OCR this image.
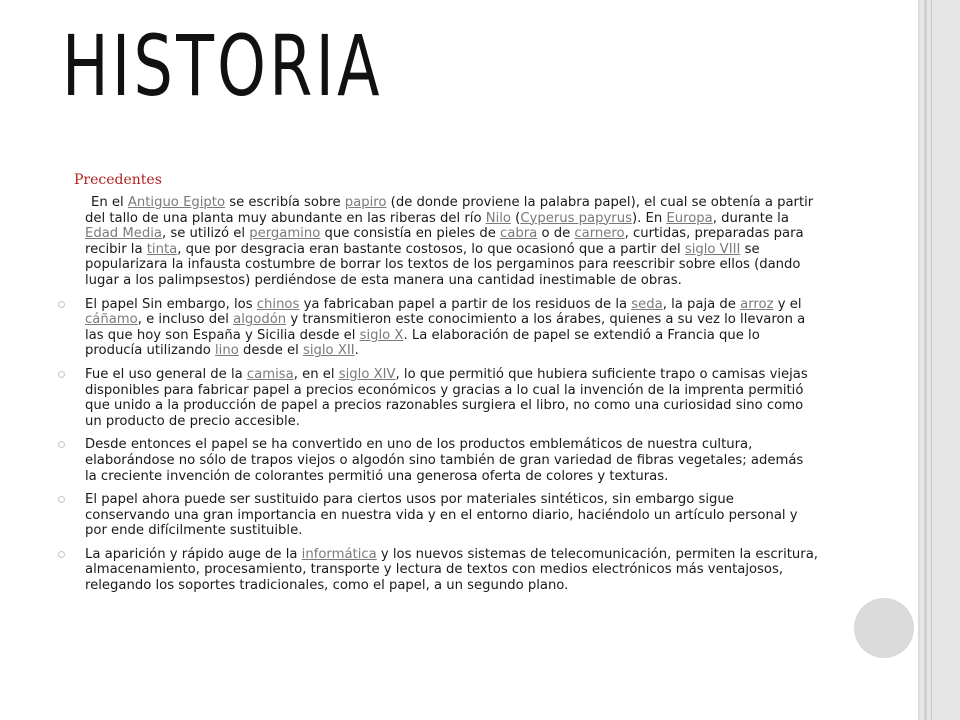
HISTORIA
Precedentes

En el Antiguo Egipto se escribía sobre papiro (de donde proviene la palabra papel), el cual se obtenía a partir del tallo de una planta muy abundante en las riberas del río Nilo (Cyperus papyrus). En Europa, durante la Edad Media, se utilizó el pergamino que consistía en pieles de cabra o de carnero, curtidas, preparadas para recibir la tinta, que por desgracia eran bastante costosos, lo que ocasionó que a partir del siglo VIII se popularizara la infausta costumbre de borrar los textos de los pergaminos para reescribir sobre ellos (dando lugar a los palimpsestos) perdiéndose de esta manera una cantidad inestimable de obras.

El papel Sin embargo, los chinos ya fabricaban papel a partir de los residuos de la seda, la paja de arroz y el cáñamo, e incluso del algodón y transmitieron este conocimiento a los árabes, quienes a su vez lo llevaron a las que hoy son España y Sicilia desde el siglo X. La elaboración de papel se extendió a Francia que lo producía utilizando lino desde el siglo XII.
Fue el uso general de la camisa, en el siglo XIV, lo que permitió que hubiera suficiente trapo o camisas viejas disponibles para fabricar papel a precios económicos y gracias a lo cual la invención de la imprenta permitió que unido a la producción de papel a precios razonables surgiera el libro, no como una curiosidad sino como un producto de precio accesible.
Desde entonces el papel se ha convertido en uno de los productos emblemáticos de nuestra cultura, elaborándose no sólo de trapos viejos o algodón sino también de gran variedad de fibras vegetales; además la creciente invención de colorantes permitió una generosa oferta de colores y texturas.
El papel ahora puede ser sustituido para ciertos usos por materiales sintéticos, sin embargo sigue conservando una gran importancia en nuestra vida y en el entorno diario, haciéndolo un artículo personal y por ende difícilmente sustituible.
La aparición y rápido auge de la informática y los nuevos sistemas de telecomunicación, permiten la escritura, almacenamiento, procesamiento, transporte y lectura de textos con medios electrónicos más ventajosos, relegando los soportes tradicionales, como el papel, a un segundo plano.
